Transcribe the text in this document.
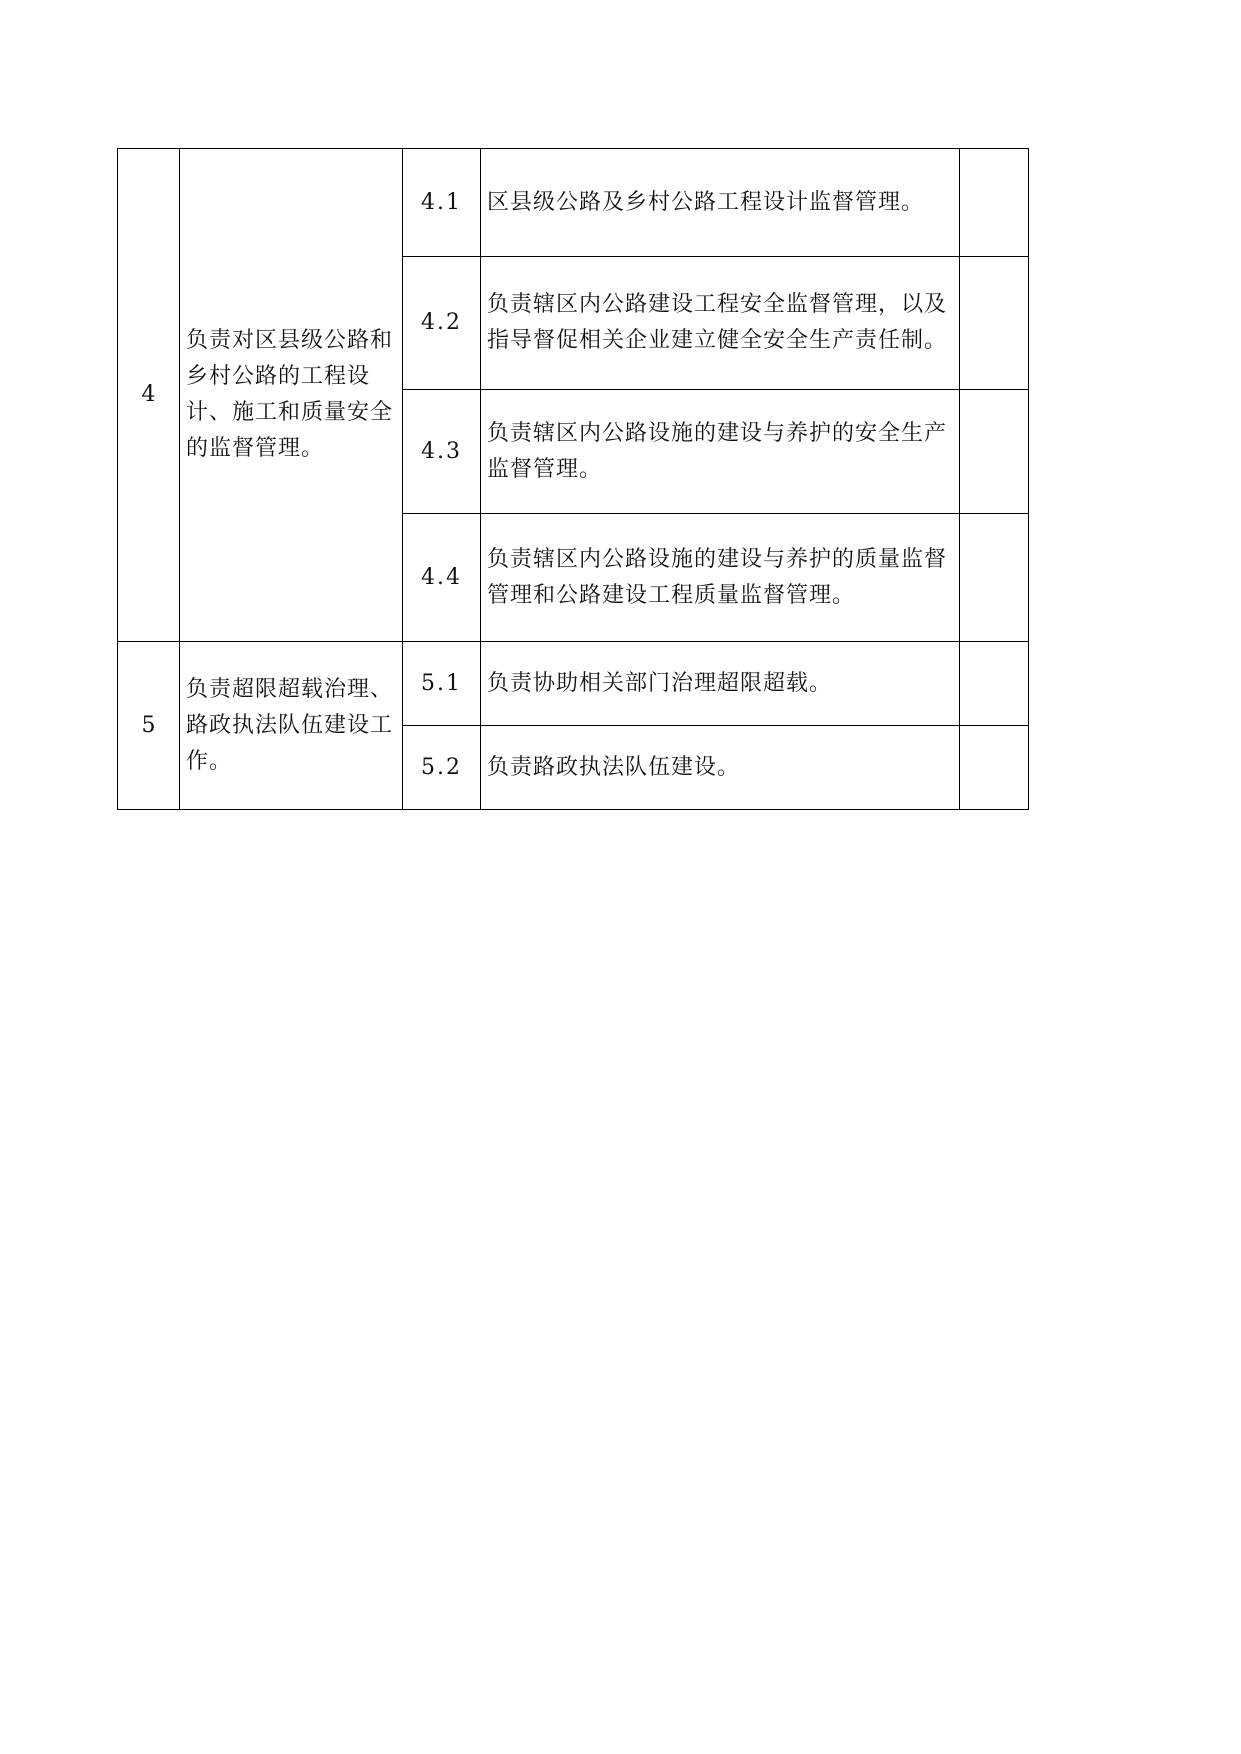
4	负责对区县级公路和乡村公路的工程设计、施工和质量安全的监督管理。	4.1	区县级公路及乡村公路工程设计监督管理。	
		4.2	负责辖区内公路建设工程安全监督管理，以及指导督促相关企业建立健全安全生产责任制。	
		4.3	负责辖区内公路设施的建设与养护的安全生产监督管理。	
		4.4	负责辖区内公路设施的建设与养护的质量监督管理和公路建设工程质量监督管理。	
5	负责超限超载治理、路政执法队伍建设工作。	5.1	负责协助相关部门治理超限超载。	
		5.2	负责路政执法队伍建设。	
